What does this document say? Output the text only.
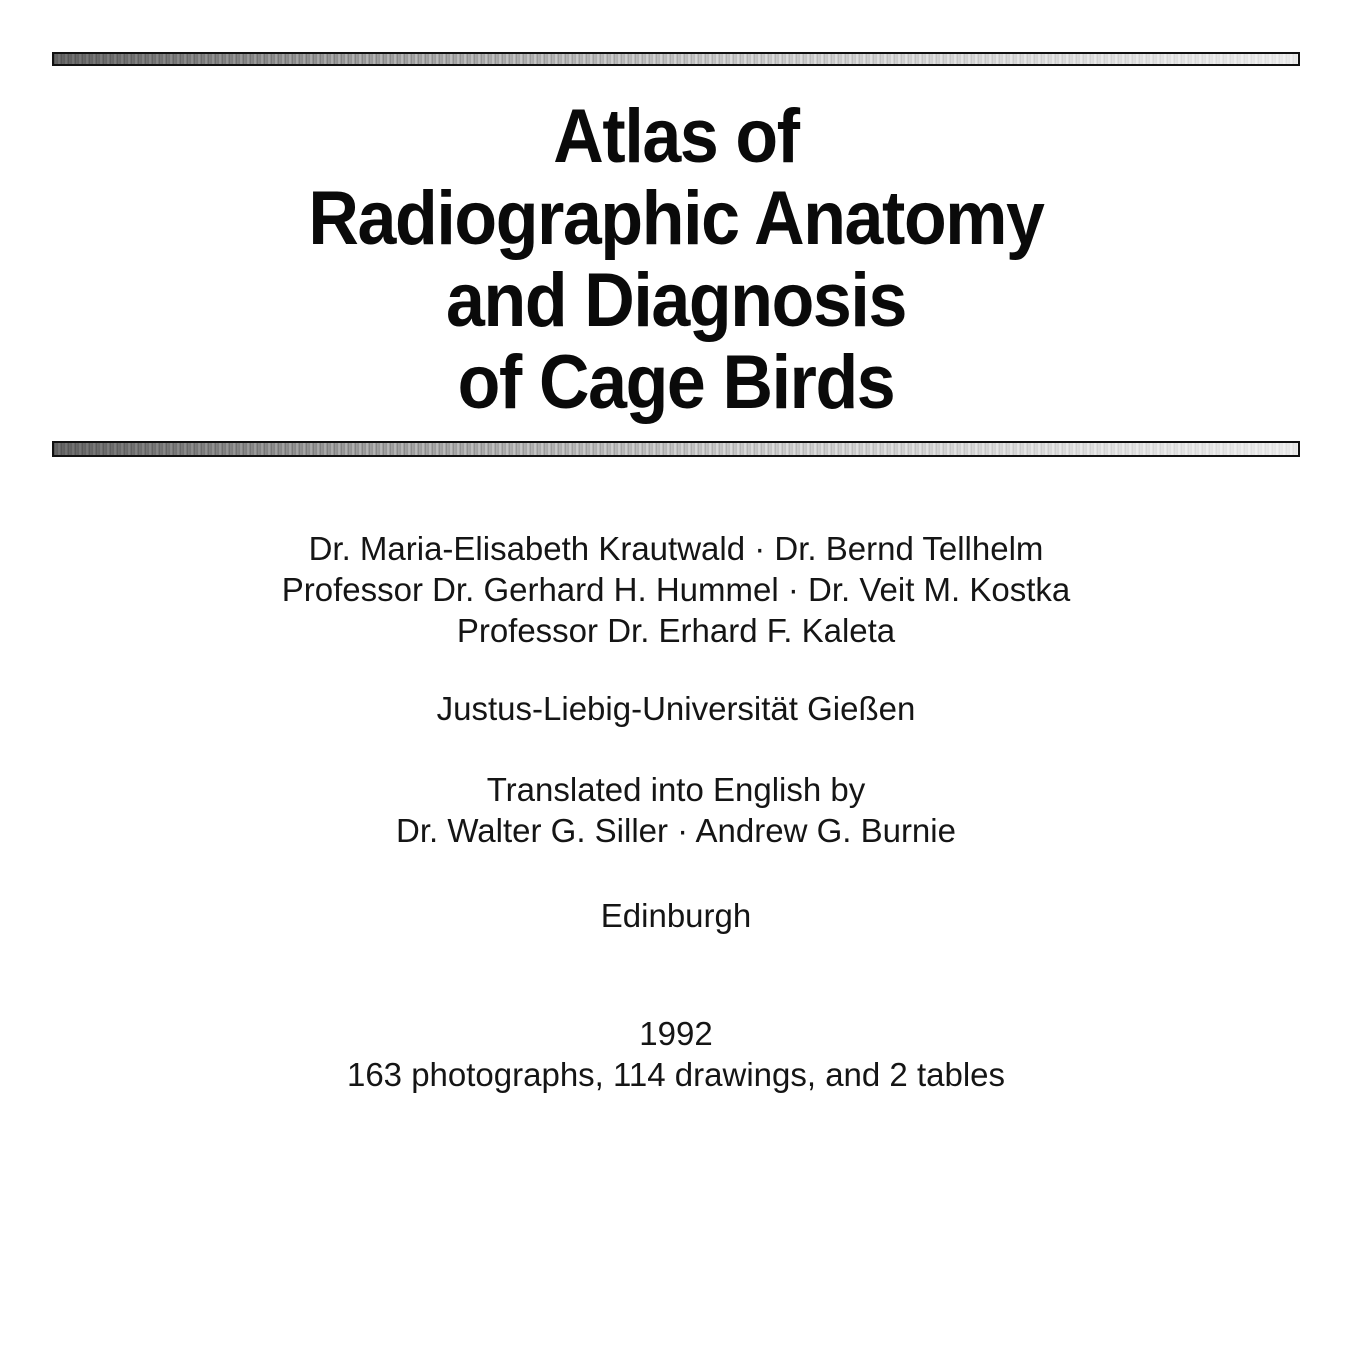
Atlas of
Radiographic Anatomy
and Diagnosis
of Cage Birds
Dr. Maria-Elisabeth Krautwald · Dr. Bernd Tellhelm
Professor Dr. Gerhard H. Hummel · Dr. Veit M. Kostka
Professor Dr. Erhard F. Kaleta
Justus-Liebig-Universität Gießen
Translated into English by
Dr. Walter G. Siller · Andrew G. Burnie
Edinburgh
1992
163 photographs, 114 drawings, and 2 tables
